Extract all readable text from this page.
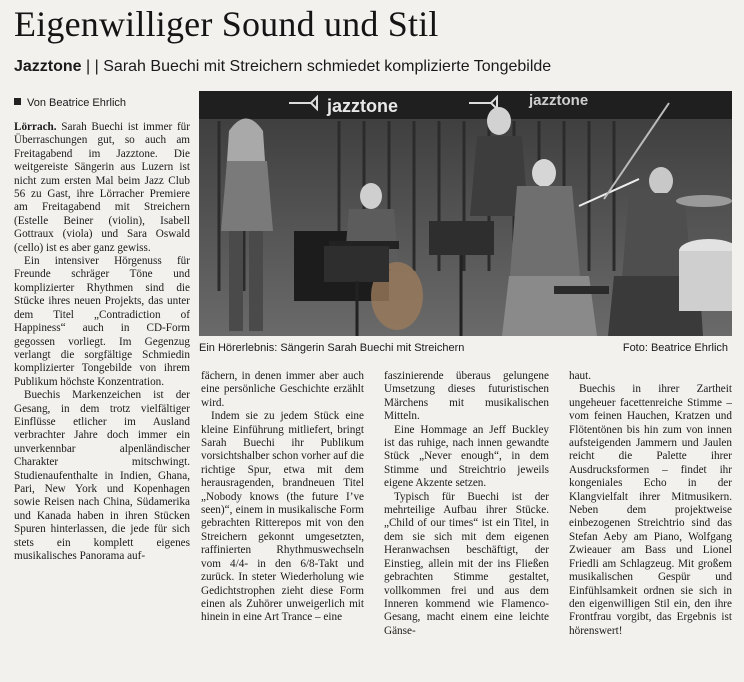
Eigenwilliger Sound und Stil
Jazztone | | Sarah Buechi mit Streichern schmiedet komplizierte Tongebilde
Von Beatrice Ehrlich	jazztone	jazztone
Ein Hörerlebnis: Sängerin Sarah Buechi mit Streichern	Foto: Beatrice Ehrlich

Lörrach. Sarah Buechi ist immer für Überraschungen gut, so auch am Freitagabend im Jazztone. Die weitgereiste Sängerin aus Luzern ist nicht zum ersten Mal beim Jazz Club 56 zu Gast, ihre Lörracher Premiere am Freitagabend mit Streichern (Estelle Beiner (violin), Isabell Gottraux (viola) und Sara Oswald (cello) ist es aber ganz gewiss.

Ein intensiver Hörgenuss für Freunde schräger Töne und komplizierter Rhythmen sind die Stücke ihres neuen Projekts, das unter dem Titel „Contradiction of Happiness“ auch in CD-Form gegossen vorliegt. Im Gegenzug verlangt die sorgfältige Schmiedin komplizierter Tongebilde von ihrem Publikum höchste Konzentration.

Buechis Markenzeichen ist der Gesang, in dem trotz vielfältiger Einflüsse etlicher im Ausland verbrachter Jahre doch immer ein unverkennbar alpenländischer Charakter mitschwingt. Studienaufenthalte in Indien, Ghana, Pari, New York und Kopenhagen sowie Reisen nach China, Südamerika und Kanada haben in ihren Stücken Spuren hinterlassen, die jede für sich stets ein komplett eigenes musikalisches Panorama auf-

fächern, in denen immer aber auch eine persönliche Geschichte erzählt wird.

Indem sie zu jedem Stück eine kleine Einführung mitliefert, bringt Sarah Buechi ihr Publikum vorsichtshalber schon vorher auf die richtige Spur, etwa mit dem herausragenden, brandneuen Titel „Nobody knows (the future I’ve seen)“, einem in musikalische Form gebrachten Ritterepos mit von den Streichern gekonnt umgesetzten, raffinierten Rhythmuswechseln vom 4/4- in den 6/8-Takt und zurück. In steter Wiederholung wie Gedichtstrophen zieht diese Form einen als Zuhörer unweigerlich mit hinein in eine Art Trance – eine

faszinierende überaus gelungene Umsetzung dieses futuristischen Märchens mit musikalischen Mitteln.

Eine Hommage an Jeff Buckley ist das ruhige, nach innen gewandte Stück „Never enough“, in dem Stimme und Streichtrio jeweils eigene Akzente setzen.

Typisch für Buechi ist der mehrteilige Aufbau ihrer Stücke. „Child of our times“ ist ein Titel, in dem sie sich mit dem eigenen Heranwachsen beschäftigt, der Einstieg, allein mit der ins Fließen gebrachten Stimme gestaltet, vollkommen frei und aus dem Inneren kommend wie Flamenco-Gesang, macht einem eine leichte Gänse-

haut.

Buechis in ihrer Zartheit ungeheuer facettenreiche Stimme – vom feinen Hauchen, Kratzen und Flötentönen bis hin zum von innen aufsteigenden Jammern und Jaulen reicht die Palette ihrer Ausdrucksformen – findet ihr kongeniales Echo in der Klangvielfalt ihrer Mitmusikern. Neben dem projektweise einbezogenen Streichtrio sind das Stefan Aeby am Piano, Wolfgang Zwieauer am Bass und Lionel Friedli am Schlagzeug. Mit großem musikalischen Gespür und Einfühlsamkeit ordnen sie sich in den eigenwilligen Stil ein, den ihre Frontfrau vorgibt, das Ergebnis ist hörenswert!
